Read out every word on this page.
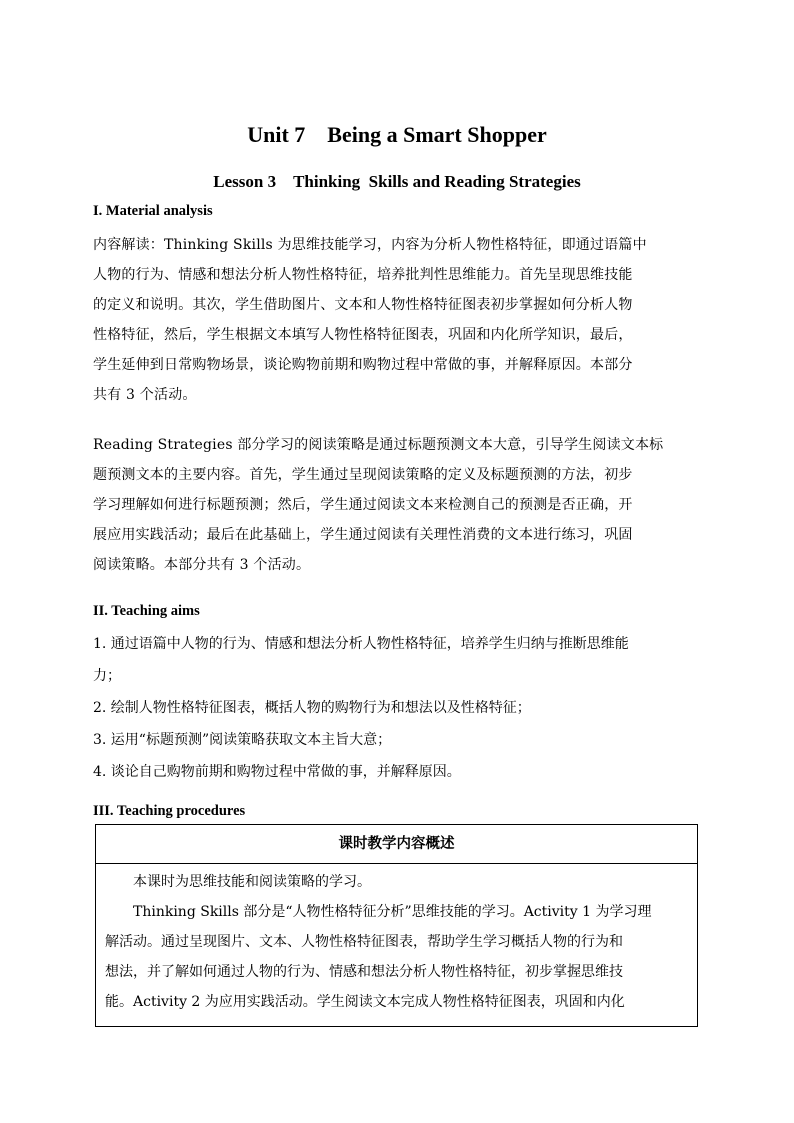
Unit 7　Being a Smart Shopper
Lesson 3　Thinking  Skills and Reading Strategies
I. Material analysis
内容解读：Thinking Skills 为思维技能学习，内容为分析人物性格特征，即通过语篇中
人物的行为、情感和想法分析人物性格特征，培养批判性思维能力。首先呈现思维技能
的定义和说明。其次，学生借助图片、文本和人物性格特征图表初步掌握如何分析人物
性格特征，然后，学生根据文本填写人物性格特征图表，巩固和内化所学知识，最后，
学生延伸到日常购物场景，谈论购物前期和购物过程中常做的事，并解释原因。本部分
共有 3 个活动。
Reading Strategies 部分学习的阅读策略是通过标题预测文本大意，引导学生阅读文本标
题预测文本的主要内容。首先，学生通过呈现阅读策略的定义及标题预测的方法，初步
学习理解如何进行标题预测；然后，学生通过阅读文本来检测自己的预测是否正确，开
展应用实践活动；最后在此基础上，学生通过阅读有关理性消费的文本进行练习，巩固
阅读策略。本部分共有 3 个活动。
II. Teaching aims
1. 通过语篇中人物的行为、情感和想法分析人物性格特征，培养学生归纳与推断思维能
力；
2. 绘制人物性格特征图表，概括人物的购物行为和想法以及性格特征；
3. 运用“标题预测”阅读策略获取文本主旨大意；
4. 谈论自己购物前期和购物过程中常做的事，并解释原因。
III. Teaching procedures
课时教学内容概述
　　本课时为思维技能和阅读策略的学习。
　　Thinking Skills 部分是“人物性格特征分析”思维技能的学习。Activity 1 为学习理
解活动。通过呈现图片、文本、人物性格特征图表，帮助学生学习概括人物的行为和
想法，并了解如何通过人物的行为、情感和想法分析人物性格特征，初步掌握思维技
能。Activity 2 为应用实践活动。学生阅读文本完成人物性格特征图表，巩固和内化
